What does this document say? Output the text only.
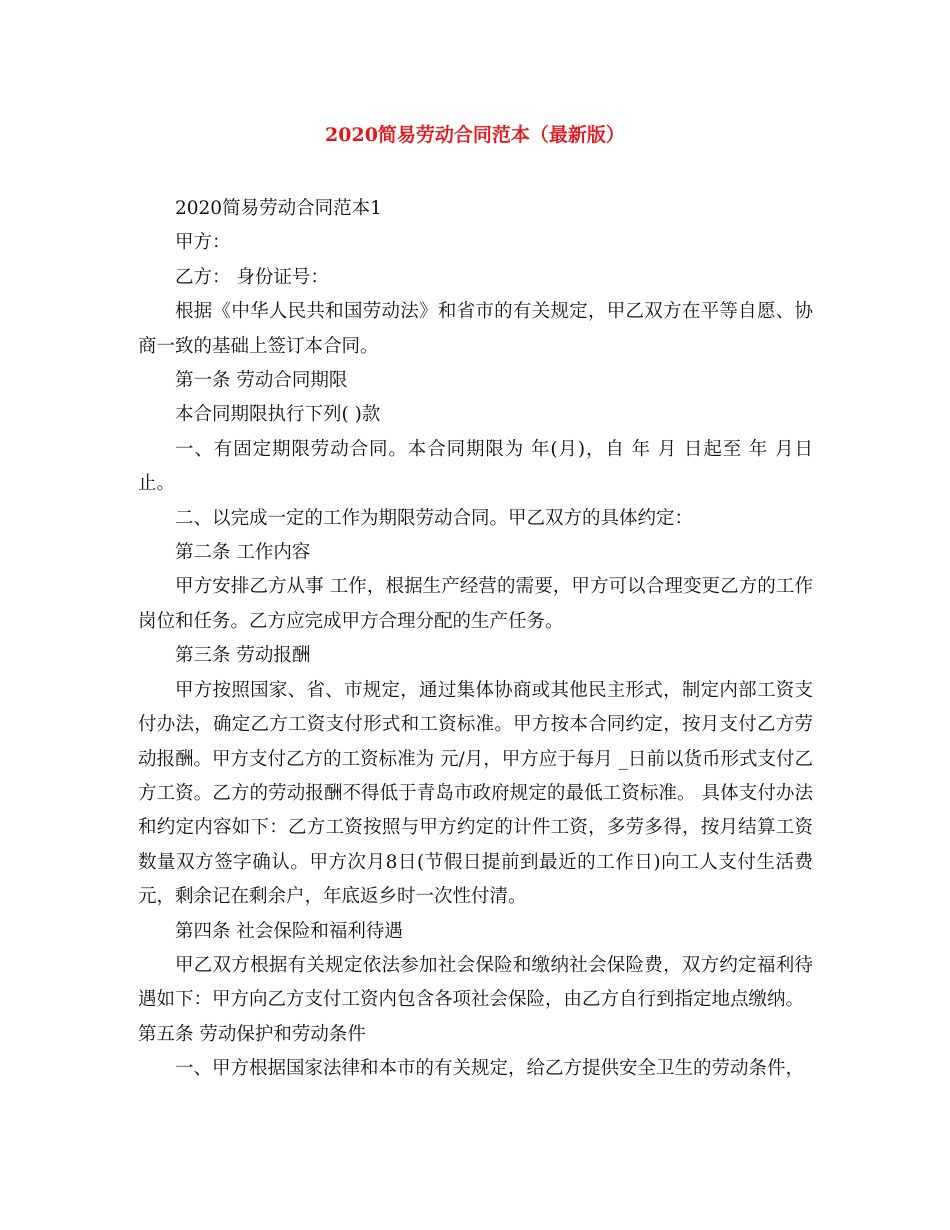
2020简易劳动合同范本（最新版）

2020简易劳动合同范本1

甲方：

乙方： 身份证号：

根据《中华人民共和国劳动法》和省市的有关规定，甲乙双方在平等自愿、协商一致的基础上签订本合同。

第一条 劳动合同期限

本合同期限执行下列( )款

一、有固定期限劳动合同。本合同期限为 年(月)，自 年 月 日起至 年 月日止。

二、以完成一定的工作为期限劳动合同。甲乙双方的具体约定：

第二条 工作内容

甲方安排乙方从事 工作，根据生产经营的需要，甲方可以合理变更乙方的工作岗位和任务。乙方应完成甲方合理分配的生产任务。

第三条 劳动报酬

甲方按照国家、省、市规定，通过集体协商或其他民主形式，制定内部工资支付办法，确定乙方工资支付形式和工资标准。甲方按本合同约定，按月支付乙方劳动报酬。甲方支付乙方的工资标准为 元/月，甲方应于每月 _日前以货币形式支付乙方工资。乙方的劳动报酬不得低于青岛市政府规定的最低工资标准。 具体支付办法和约定内容如下：乙方工资按照与甲方约定的计件工资，多劳多得，按月结算工资数量双方签字确认。甲方次月8日(节假日提前到最近的工作日)向工人支付生活费 元，剩余记在剩余户，年底返乡时一次性付清。

第四条 社会保险和福利待遇

甲乙双方根据有关规定依法参加社会保险和缴纳社会保险费，双方约定福利待遇如下：甲方向乙方支付工资内包含各项社会保险，由乙方自行到指定地点缴纳。

第五条 劳动保护和劳动条件

一、甲方根据国家法律和本市的有关规定，给乙方提供安全卫生的劳动条件，
